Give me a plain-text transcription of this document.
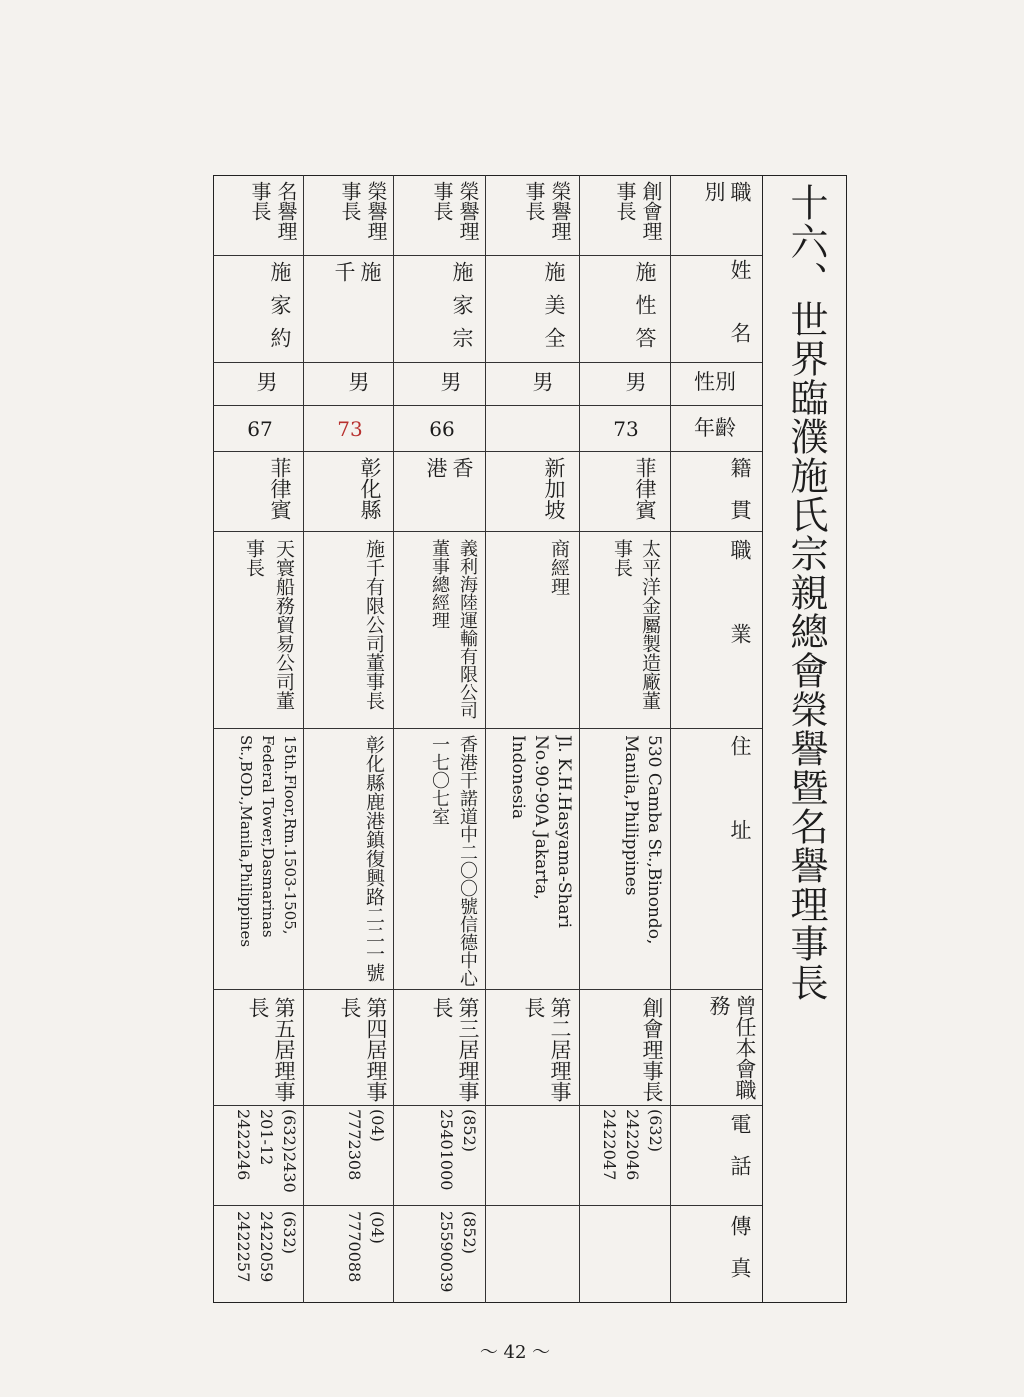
十六、世界臨濮施氏宗親總會榮譽暨名譽理事長
職　別
姓　　名
性別
年齡
籍　貫
職　　　業
住　　　址
曾任本會職務
電　話
傳　真
創會理事長
施性答
男
73
菲律賓
太平洋金屬製造廠董事長
530 Camba St.,Binondo, Manila,Philippines
創會理事長
(632) 2422046 2422047
榮譽理事長
施美全
男
新加坡
商經理
Jl. K.H.Hasyama-Shari No.90-90A Jakarta, Indonesia
第二居理事長
榮譽理事長
施家宗
男
66
香港
義利海陸運輸有限公司董事總經理
香港干諾道中二〇〇號信德中心一七〇七室
第三居理事長
(852) 25401000
(852) 25590039
榮譽理事長
施千
男
73
彰化縣
施千有限公司董事長
彰化縣鹿港鎮復興路二二一號
第四居理事長
(04) 7772308
(04) 7770088
名譽理事長
施家約
男
67
菲律賓
天寰船務貿易公司董事長
15th.Floor,Rm.1503-1505, Federal Tower,Dasmarinas St.,BOD.,Manila,Philippines
第五居理事長
(632)2430 201-12 2422246
(632) 2422059 2422257
～ 42 ～
